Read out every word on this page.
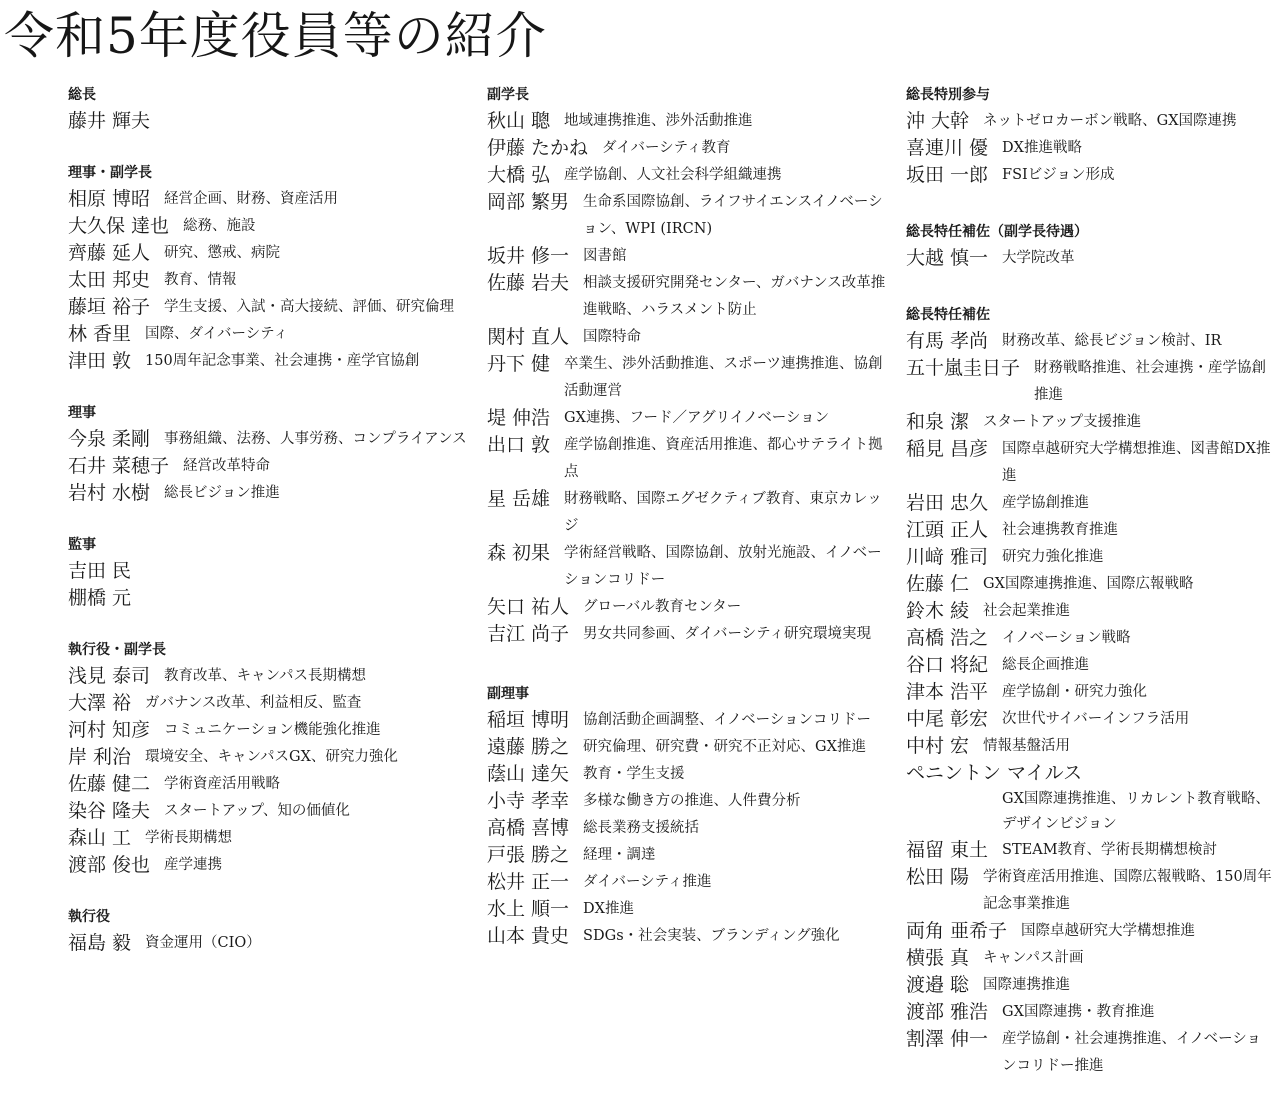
令和5年度役員等の紹介
総長
藤井 輝夫
理事・副学長
相原 博昭 経営企画、財務、資産活用
大久保 達也 総務、施設
齊藤 延人 研究、懲戒、病院
太田 邦史 教育、情報
藤垣 裕子 学生支援、入試・高大接続、評価、研究倫理
林 香里 国際、ダイバーシティ
津田 敦 150周年記念事業、社会連携・産学官協創
理事
今泉 柔剛 事務組織、法務、人事労務、コンプライアンス
石井 菜穂子 経営改革特命
岩村 水樹 総長ビジョン推進
監事
吉田 民
棚橋 元
執行役・副学長
浅見 泰司 教育改革、キャンパス長期構想
大澤 裕 ガバナンス改革、利益相反、監査
河村 知彦 コミュニケーション機能強化推進
岸 利治 環境安全、キャンパスGX、研究力強化
佐藤 健二 学術資産活用戦略
染谷 隆夫 スタートアップ、知の価値化
森山 工 学術長期構想
渡部 俊也 産学連携
執行役
福島 毅 資金運用（CIO）
副学長
秋山 聰 地域連携推進、渉外活動推進
伊藤 たかね ダイバーシティ教育
大橋 弘 産学協創、人文社会科学組織連携
岡部 繁男 生命系国際協創、ライフサイエンスイノベーション、WPI (IRCN)
坂井 修一 図書館
佐藤 岩夫 相談支援研究開発センター、ガバナンス改革推進戦略、ハラスメント防止
関村 直人 国際特命
丹下 健 卒業生、渉外活動推進、スポーツ連携推進、協創活動運営
堤 伸浩 GX連携、フード／アグリイノベーション
出口 敦 産学協創推進、資産活用推進、都心サテライト拠点
星 岳雄 財務戦略、国際エグゼクティブ教育、東京カレッジ
森 初果 学術経営戦略、国際協創、放射光施設、イノベーションコリドー
矢口 祐人 グローバル教育センター
吉江 尚子 男女共同参画、ダイバーシティ研究環境実現
副理事
稲垣 博明 協創活動企画調整、イノベーションコリドー
遠藤 勝之 研究倫理、研究費・研究不正対応、GX推進
蔭山 達矢 教育・学生支援
小寺 孝幸 多様な働き方の推進、人件費分析
高橋 喜博 総長業務支援統括
戸張 勝之 経理・調達
松井 正一 ダイバーシティ推進
水上 順一 DX推進
山本 貴史 SDGs・社会実装、ブランディング強化
総長特別参与
沖 大幹 ネットゼロカーボン戦略、GX国際連携
喜連川 優 DX推進戦略
坂田 一郎 FSIビジョン形成
総長特任補佐（副学長待遇）
大越 慎一 大学院改革
総長特任補佐
有馬 孝尚 財務改革、総長ビジョン検討、IR
五十嵐圭日子 財務戦略推進、社会連携・産学協創推進
和泉 潔 スタートアップ支援推進
稲見 昌彦 国際卓越研究大学構想推進、図書館DX推進
岩田 忠久 産学協創推進
江頭 正人 社会連携教育推進
川﨑 雅司 研究力強化推進
佐藤 仁 GX国際連携推進、国際広報戦略
鈴木 綾 社会起業推進
高橋 浩之 イノベーション戦略
谷口 将紀 総長企画推進
津本 浩平 産学協創・研究力強化
中尾 彰宏 次世代サイバーインフラ活用
中村 宏 情報基盤活用
ペニントン マイルス
GX国際連携推進、リカレント教育戦略、デザインビジョン
福留 東土 STEAM教育、学術長期構想検討
松田 陽 学術資産活用推進、国際広報戦略、150周年記念事業推進
両角 亜希子 国際卓越研究大学構想推進
横張 真 キャンパス計画
渡邉 聡 国際連携推進
渡部 雅浩 GX国際連携・教育推進
割澤 伸一 産学協創・社会連携推進、イノベーションコリドー推進
